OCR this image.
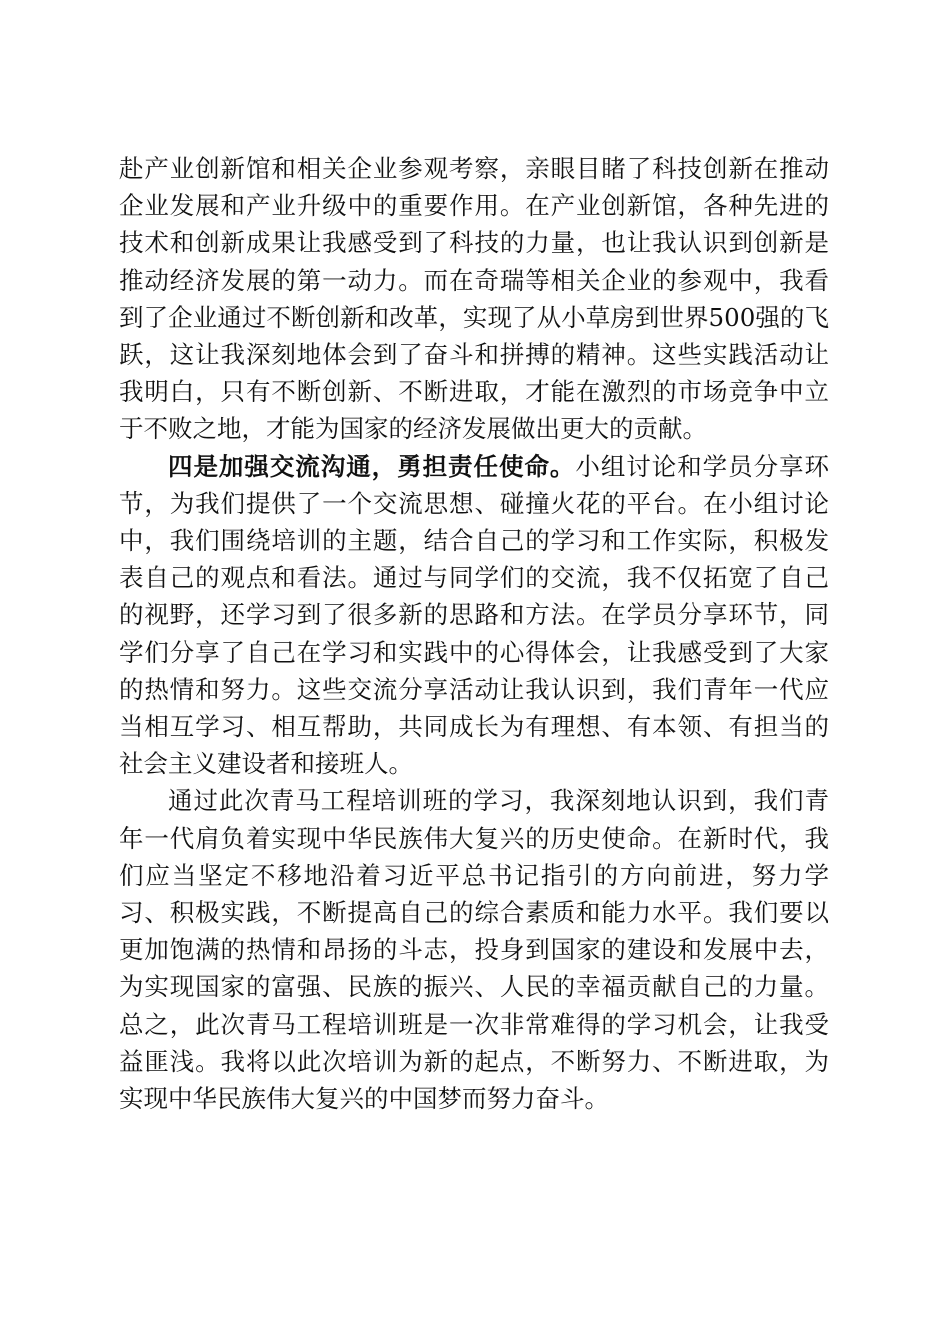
赴产业创新馆和相关企业参观考察，亲眼目睹了科技创新在推动企业发展和产业升级中的重要作用。在产业创新馆，各种先进的技术和创新成果让我感受到了科技的力量，也让我认识到创新是推动经济发展的第一动力。而在奇瑞等相关企业的参观中，我看到了企业通过不断创新和改革，实现了从小草房到世界500强的飞跃，这让我深刻地体会到了奋斗和拼搏的精神。这些实践活动让我明白，只有不断创新、不断进取，才能在激烈的市场竞争中立于不败之地，才能为国家的经济发展做出更大的贡献。

四是加强交流沟通，勇担责任使命。小组讨论和学员分享环节，为我们提供了一个交流思想、碰撞火花的平台。在小组讨论中，我们围绕培训的主题，结合自己的学习和工作实际，积极发表自己的观点和看法。通过与同学们的交流，我不仅拓宽了自己的视野，还学习到了很多新的思路和方法。在学员分享环节，同学们分享了自己在学习和实践中的心得体会，让我感受到了大家的热情和努力。这些交流分享活动让我认识到，我们青年一代应当相互学习、相互帮助，共同成长为有理想、有本领、有担当的社会主义建设者和接班人。

通过此次青马工程培训班的学习，我深刻地认识到，我们青年一代肩负着实现中华民族伟大复兴的历史使命。在新时代，我们应当坚定不移地沿着习近平总书记指引的方向前进，努力学习、积极实践，不断提高自己的综合素质和能力水平。我们要以更加饱满的热情和昂扬的斗志，投身到国家的建设和发展中去，为实现国家的富强、民族的振兴、人民的幸福贡献自己的力量。总之，此次青马工程培训班是一次非常难得的学习机会，让我受益匪浅。我将以此次培训为新的起点，不断努力、不断进取，为实现中华民族伟大复兴的中国梦而努力奋斗。
